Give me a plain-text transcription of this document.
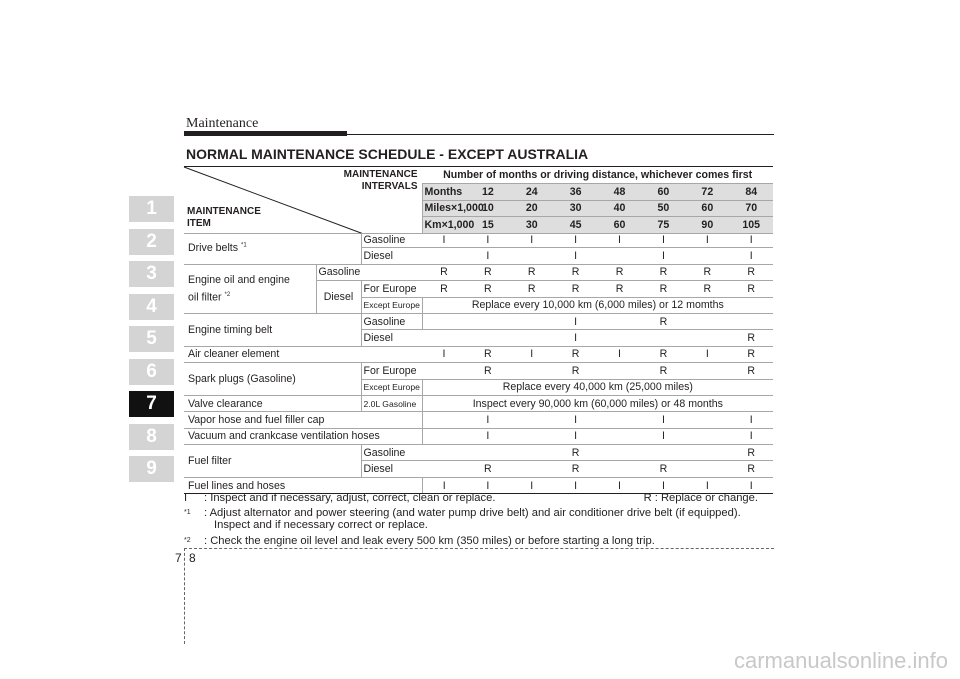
Maintenance
NORMAL MAINTENANCE SCHEDULE - EXCEPT AUSTRALIA
1
2
3
4
5
6
7
8
9
MAINTENANCE
INTERVALS
MAINTENANCE
ITEM	Number of months or driving distance, whichever comes first							
	Months	12	24	36	48	60	72	84
	Miles×1,000	10	20	30	40	50	60	70
	Km×1,000	15	30	45	60	75	90	105
Drive belts $^{*1}$		Gasoline	I	I	I	I	I	I	I	I
		Diesel		I		I		I		I
Engine oil and engine
oil filter $^{*2}$	Gasoline		R	R	R	R	R	R	R	R
	Diesel	For Europe	R	R	R	R	R	R	R	R
		Except Europe	Replace every 10,000 km (6,000 miles) or 12 momths							
Engine timing belt		Gasoline				I		R		
		Diesel				I				R
Air cleaner element			I	R	I	R	I	R	I	R
Spark plugs (Gasoline)		For Europe		R		R		R		R
		Except Europe	Replace every 40,000 km (25,000 miles)							
Valve clearance		2.0L Gasoline	Inspect every 90,000 km (60,000 miles) or 48 months							
Vapor hose and fuel filler cap				I		I		I		I
Vacuum and crankcase ventilation hoses				I		I		I		I
Fuel filter		Gasoline				R				R
		Diesel		R		R		R		R
Fuel lines and hoses			I	I	I	I	I	I	I	I
I : Inspect and if necessary, adjust, correct, clean or replace.	R : Replace or change.
*1 : Adjust alternator and power steering (and water pump drive belt) and air conditioner drive belt (if equipped).
Inspect and if necessary correct or replace.
*2 : Check the engine oil level and leak every 500 km (350 miles) or before starting a long trip.
7 8
carmanualsonline.info
